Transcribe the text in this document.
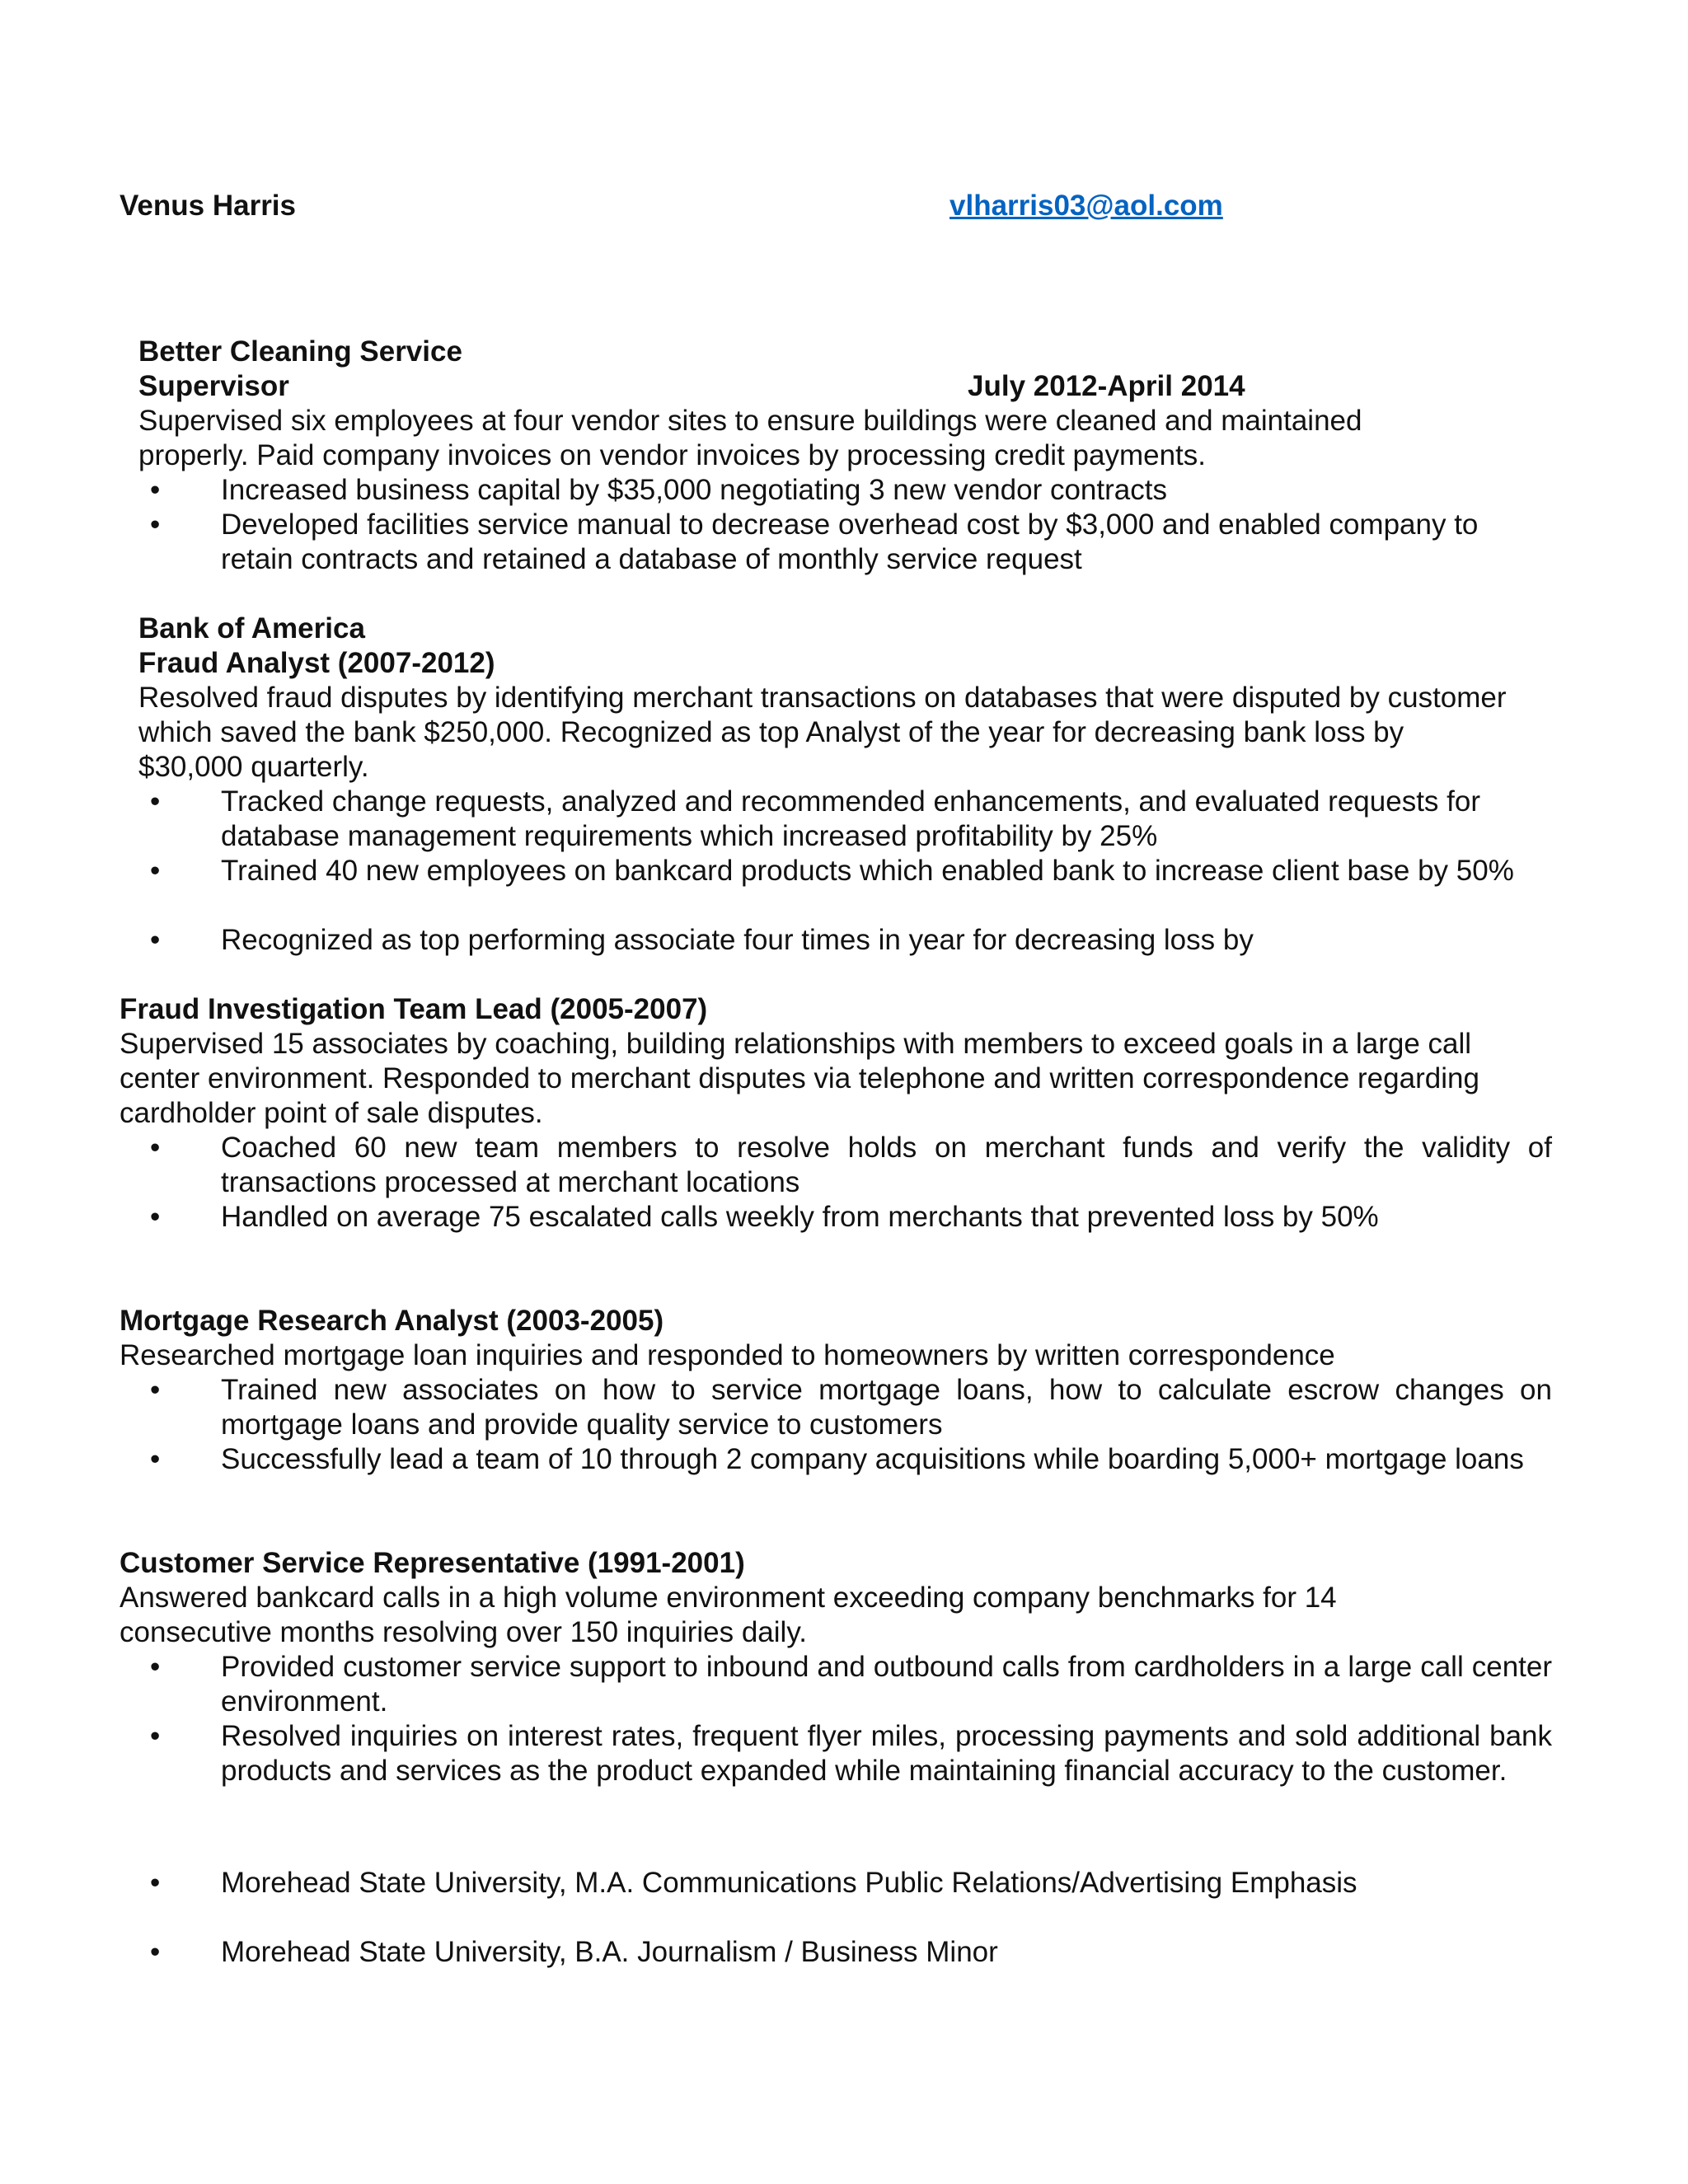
Venus Harris	vlharris03@aol.com
Better Cleaning Service
Supervisor	July 2012-April 2014
Supervised six employees at four vendor sites to ensure buildings were cleaned and maintained properly. Paid company invoices on vendor invoices by processing credit payments.
• Increased business capital by $35,000 negotiating 3 new vendor contracts
• Developed facilities service manual to decrease overhead cost by $3,000 and enabled company to retain contracts and retained a database of monthly service request
Bank of America
Fraud Analyst (2007-2012)
Resolved fraud disputes by identifying merchant transactions on databases that were disputed by customer which saved the bank $250,000. Recognized as top Analyst of the year for decreasing bank loss by $30,000 quarterly.
• Tracked change requests, analyzed and recommended enhancements, and evaluated requests for database management requirements which increased profitability by 25%
• Trained 40 new employees on bankcard products which enabled bank to increase client base by 50%
• Recognized as top performing associate four times in year for decreasing loss by
Fraud Investigation Team Lead (2005-2007)
Supervised 15 associates by coaching, building relationships with members to exceed goals in a large call center environment. Responded to merchant disputes via telephone and written correspondence regarding cardholder point of sale disputes.
• Coached 60 new team members to resolve holds on merchant funds and verify the validity of transactions processed at merchant locations
• Handled on average 75 escalated calls weekly from merchants that prevented loss by 50%
Mortgage Research Analyst (2003-2005)
Researched mortgage loan inquiries and responded to homeowners by written correspondence
• Trained new associates on how to service mortgage loans, how to calculate escrow changes on mortgage loans and provide quality service to customers
• Successfully lead a team of 10 through 2 company acquisitions while boarding 5,000+ mortgage loans
Customer Service Representative (1991-2001)
Answered bankcard calls in a high volume environment exceeding company benchmarks for 14 consecutive months resolving over 150 inquiries daily.
• Provided customer service support to inbound and outbound calls from cardholders in a large call center environment.
• Resolved inquiries on interest rates, frequent flyer miles, processing payments and sold additional bank products and services as the product expanded while maintaining financial accuracy to the customer.
• Morehead State University, M.A. Communications Public Relations/Advertising Emphasis
• Morehead State University, B.A. Journalism / Business Minor
